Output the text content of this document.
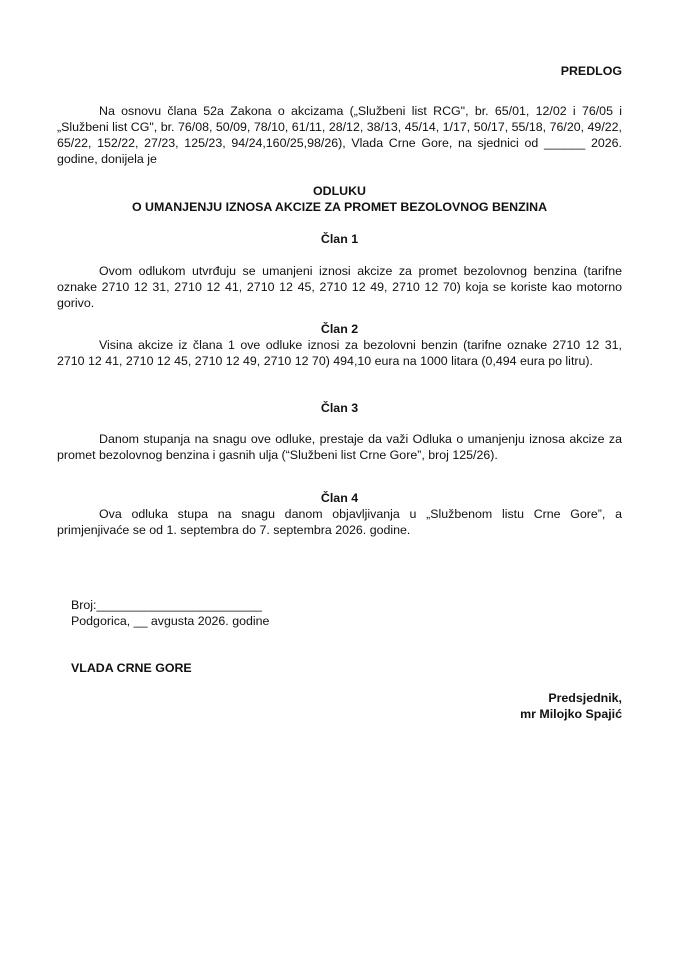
PREDLOG
Na osnovu člana 52a Zakona o akcizama („Službeni list RCG", br. 65/01, 12/02 i 76/05 i „Službeni list CG", br. 76/08, 50/09, 78/10, 61/11, 28/12, 38/13, 45/14, 1/17, 50/17, 55/18, 76/20, 49/22, 65/22, 152/22, 27/23, 125/23, 94/24,160/25,98/26), Vlada Crne Gore, na sjednici od ______ 2026. godine, donijela je
ODLUKU
O UMANJENJU IZNOSA AKCIZE ZA PROMET BEZOLOVNOG BENZINA
Član 1
Ovom odlukom utvrđuju se umanjeni iznosi akcize za promet bezolovnog benzina (tarifne oznake 2710 12 31, 2710 12 41, 2710 12 45, 2710 12 49, 2710 12 70) koja se koriste kao motorno gorivo.
Član 2
Visina akcize iz člana 1 ove odluke iznosi za bezolovni benzin (tarifne oznake 2710 12 31, 2710 12 41, 2710 12 45, 2710 12 49, 2710 12 70) 494,10 eura na 1000 litara (0,494 eura po litru).
Član 3
Danom stupanja na snagu ove odluke, prestaje da važi Odluka o umanjenju iznosa akcize za promet bezolovnog benzina i gasnih ulja (“Službeni list Crne Gore”, broj 125/26).
Član 4
Ova odluka stupa na snagu danom objavljivanja u „Službenom listu Crne Gore”, a primjenjivaće se od 1. septembra do 7. septembra 2026. godine.
Broj:________________________
Podgorica, __ avgusta 2026. godine
VLADA CRNE GORE
Predsjednik,
mr Milojko Spajić
